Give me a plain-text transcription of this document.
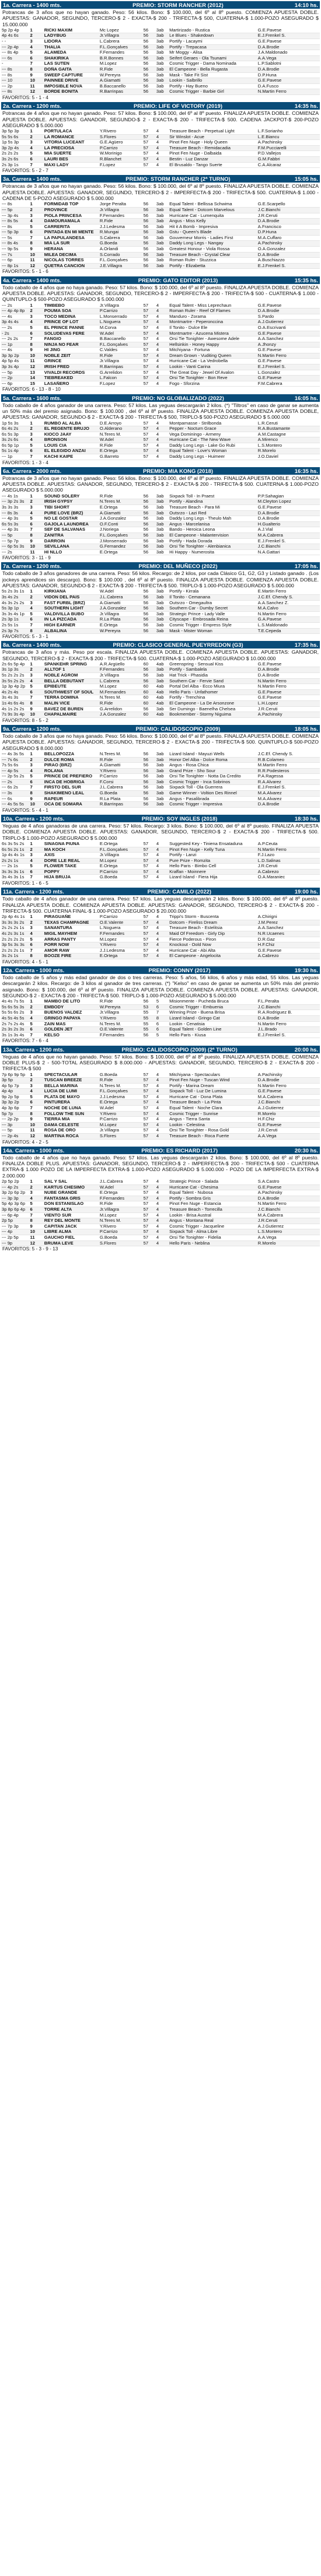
1a. Carrera - 1400 mts.	PREMIO: STORM RANCHER (2012)	14:10 hs.
Potrancas de 3 años que no hayan ganado. Peso: 56 kilos. Bono: $ 100.000, del 6º al 8º puesto. COMIENZA APUESTA DOBLE. APUESTAS: GANADOR, SEGUNDO, TERCERO-$ 2 - EXACTA-$ 200 - TRIFECTA-$ 500, CUATERNA-$ 1.000-POZO ASEGURADO $ 15.000.000
5p 2p 4p	1	RICKI MAXIM	Mc Lopez	56	3ab	Martirizado - Rustica	G.E.Pavese
4p 4s 6s	2	LADYBUG	Jr.Villagra	56	3ab	Le Blues - Shakedown	E.J.Frenkel S.
- -	3	LIDORA	L.Cabrera	56	3ab	Portify - Lacaymi	G.E.Pavese
--- 2p 4p	4	THALIA	F.L.Gonçalves	56	3ab	Portify - Trepacasa	D.A.Brodie
--- 8s 4p	5	ALAMEDA	F.Fernandes	56	3ab	Mr Moggy - Alisa	J.A.Maldonado
--- 6s	6	SHAKIRIKA	B.R.Bonnes	56	3ab	Seifert Geraes - Ola Tsunami	A.A.Vega
-	7	LAS SUTEN	M.Lopez	56	3ab	Cosmic Trigger - Dama Nominada	L.P.Sablotni
--- 8s	8	DOÑA GAITA	R.Fide	56	3ab	El Campeone - Bella Rugasta	D.A.Brodie
--- 8s	9	SWEEP CAPTURE	W.Pereyra	56	3ab	Mask - Take Fit Sist	D.P.Huna
--- 10	10	PAINNEE DRIVE	A.Giamatti	56	3ab	Lookin - Salbrillo	G.E.Pavese
--- 2p	11	IMPOSIBLE NOVA	B.Baccanello	56	3ab	Portify - Hay Bueno	D.A.Fusco
--- 8s	12	BORDE BONITA	R.Barrinpas	56	3ab	Cosmic Trigger - Barbie Girl	N.Martin Ferro
FAVORITOS: 5 - 1 - 4
2a. Carrera - 1200 mts.	PREMIO: LIFE OF VICTORY (2019)	14:35 hs.
Potrancas de 4 años que no hayan ganado. Peso: 57 kilos. Bono: $ 100.000, del 6º al 8º puesto. FINALIZA APUESTA DOBLE. COMIENZA APUESTA DOBLE. APUESTAS: GANADOR, SEGUNDO-$ 2 - EXACTA-$ 200 - TRIFECTA-$ 500. CADENA JACKPOT-$ 200-POZO ASEGURADO $ 5.000.000
3p 5p 3p	1	PORTULACA	Y.Rivero	57	4	Treasure Beach - Perpetual Light	L.F.Sorianho
5s 5s 6s	2	LA ROMANCE	S.Flores	57	4	Sir Winslot - Acue	L.E.Biancu
1p 5s 3p	3	VITORIA LUCEANT	G.E.Agüero	57	4	Pinot Fen Nuge - Holy Queen	A.Pachinsky
3p 2p 4s	4	LA PRECIOSA	P.Carrizo	57	4	Treasure Beach - Remidacadia	F.M.Pucciarelli
2s 2s 2s	5	MIA SUERTE	W.Morinigo	57	4	Pinot Fen Nuge - Dalbaida	P.D.Vallejos
3s 2s 6s	6	LAURI BES	R.Blanchet	57	4	Bestin - Luz Danzar	G.M.Fabbri
2s 3p 1s	7	MAXI LADY	F.Lopez	57	4	El Brusaldo - Tango Suerte	C.A.Alcaraz
FAVORITOS: 5 - 2 - 7
3a. Carrera - 1400 mts.	PREMIO: STORM RANCHER (2ª TURNO)	15:05 hs.
Potrancas de 3 años que no hayan ganado. Peso: 56 kilos. Bono: $ 100.000, del 6º al 8º puesto. FINALIZA APUESTA DOBLE. COMIENZA APUESTA DOBLE. APUESTAS: GANADOR, SEGUNDO, TERCERO-$ 2 - IMPERFECTA-$ 200 - TRIFECTA-$ 500. CUATERNA-$ 1.000 - CADENA DE 5-POZO ASEGURADO $ 5.000.000
--- 8s	1	FORMIDAB TOP	Jorge Peralta	56	3ab	Equal Talent - Bellissa Schwima	G.E.Scarpello
--- 5p	2	PROVINCE	Jr.Villagra	56	3ab	Equal Talent - Dotcom Marvelous	J.C.Bianchi
--- 3p 4s	3	PIOLA PRINCESA	F.Fernandes	56	3ab	Hurricane Cat - Lumenquita	J.R.Ceruti
--- 8s 5s	4	DAMOURAMALA	R.Fide	56	3ab	Angus - Miss Kelly	D.A.Brodie
--- 8s	5	CARRERITA	J.J.Ledesma	56	3ab	Hit it A Bomb - Impresiva	A.Francisco
--- 5p 3p	6	PINTADA EN MI MENTE	R.Mungai	56	3ab	Gstu - Queen's Blade	D.P.Huna
--- 5s	7	LA PAPULANDESA	S.Cabrera	56	3ab	Gouverneur Morris - Ladies First	M.A.Cuffaro
--- 8s 4s	8	MIA LA SUR	G.Boeda	56	3ab	Daddy Long Legs - Nangay	A.Pachinsky
--- 9p 5s	9	HERANA	A.Orlandi	56	3ab	Greatest Honour - Viola Rossa	O.A.Gonzalez
--- 7s	10	MILEA DECIMA	S.Corrado	56	3ab	Treasure Beach - Crystal Clear	D.A.Brodie
--- 6p	11	NICOLAS TORRES	F.L.Gonçalves	56	3ab	Roman Ruler - Stuzzica	A.Buschiazzo
--- 8p 1s	12	QUETRA CANCION	J.E.Villagra	56	3ab	Portify - Elizabetta	E.J.Frenkel S.
FAVORITOS: 5 - 1 - 6
4a. Carrera - 1400 mts.	PREMIO: GATO EDITOR (2013)	15:35 hs.
Todo caballo de 4 años que no haya ganado. Peso: 57 kilos. Bono: $ 100.000, del 6º al 8º puesto. FINALIZA APUESTA DOBLE. COMIENZA APUESTA DOBLE. APUESTAS: GANADOR, SEGUNDO, TERCERO-$ 2 - IMPERFECTA-$ 200 - TRIFECTA-$ 500 - CUATERNA-$ 1.000 - QUINTUPLO-$ 500-POZO ASEGURADO $ 5.000.000
--- 2s	1	TIMBEBO	Jr.Villagra	57	4	Equal Talent - Miss Leprechaun	G.E.Pavese
--- 4p 4p 8p	2	POUMA SOA	P.Carrizo	57	4	Roman Ruler - Reef Of Flames	D.A.Brodie
--- 4s	3	TOCO MEDINA	L.Monserrado	57	4	Manduro - Zorama	S.Pardo
3p 4s 4s	4	PRINCE OF LOT	L.Noguera	57	4	Montmartre - Peperonccina	A.J.Gutierrez
--- 2s	5	EL PRINCE PANNE	M.Corva	57	4	Il Tonito - Dulce Ele	O.A.Escrivanti
- 2s	6	SOLUDEVAS FERE	W.Adel	57	4	Montmartre - Azucena Mistera	G.E.Pavese
--- 2s 2s	7	FANGIO	B.Baccanello	57	4	Orsi Tie Tonighter - Awesome Adele	A.A.Sanchez
--- 1p	8	NINJA NO FEAR	F.L.Gonçalves	57	4	Hellsinkin - Honey Happy	A.Jhonzy
--- 4s	9	HI JING	C.Valdes	57	4	Mitchiyana - Fortuna	G.E.Pavese
3p 3p 2p	10	NOBLE ZEIT	R.Fide	57	4	Dream Grown - Vuditing Queen	N.Martin Ferro
4p 5p 4s	11	GRINCE	Jr.Villagra	57	4	Hurricane Cat - La Vedrobella	G.E.Pavese
3p 3s 4p	12	IRISH FRED	R.Barrinpas	57	4	Lookin - Vanti Carina	E.J.Frenkel S.
--- 5p	13	VIVALDI RECORDS	G.Arrelidon	57	4	The Great Day - Jewel Of Avalon	L.Gonzalez
--- 2p	14	TIEBREAKED	L.Falcon	57	4	Orsi Tie Tonighter - Bon Reve	G.E.Pavese
--- 6p	15	LASAÑERO	F.Lopez	57	4	Fogo - Sforzina	F.M.Cabrera
FAVORITOS: 6 - 13 - 8 - 10
5a. Carrera - 1600 mts.	PREMIO: NO GLOBALIZADO (2022)	16:05 hs.
Todo caballo de 4 años ganador de una carrera. Peso: 57 kilos. Las yeguas descargarán 2 kilos. (*) "Tiltros" en caso de ganar se aumenta un 50% más del premio asignado. Bono: $ 100.000 , del 6º al 8º puesto. FINALIZA APUESTA DOBLE. COMIENZA APUESTA DOBLE, APUESTAS: GANADOR, SEGUNDO-$ 2 - EXACTA-$ 200 - TRIFECTA-$ 500, TRIPLO-$ 500-POZO ASEGURADO $ 5.000.000
1p 5s 3s	1	RUMBO AL ALBA	D.E.Arroyo	57	4	Montparnasse - Strilbonda	L.R.Ceruti
6s 4s 2s	2	EL REGENTE BRUJO	O.Alderano	57	4	Pepper - Nocturn Grace	R.A.Bustamante
6s 5s 3p	3	KIOCO JAAY	N.Teres M.	57	4	Vega Dominingo - Armeny	A.M.Castagne
3s 2s 6s	4	BRONSON	W.Adel	57	4	Hurricane Cat - The New Wave	A.Mirenco
6s 5p 1p	5	LOUIS CIA	R.Fide	57	4	Daddy Long Legs - Lake Go Rubi	L.S.Montero
5s 1s 4p	6	EL ELEGIDO ANZAI	E.Ortega	57	4	Equal Talent - Love's Woman	R.Morelo
--- 1p	7	KACHI KAIPE	G.Barreto	57	4	Daddy Long Legs - Huimeer	J.O.Daviel
FAVORITOS: 1 - 3 - 4
6a. Carrera - 2000 mts.	PREMIO: MIA KONG (2018)	16:35 hs.
Potrancas de 3 años que no hayan ganado. Peso: 56 kilos. Bono: $ 100.000, del 6º al 8º puesto. FINALIZA APUESTA DOBLE. COMIENZA APUESTA DOBLE. APUESTAS: GANADOR, SEGUNDO, TERCERO-$ 2 - EXACTA-$ 200 - TRIFECTA-$ 500. CUATERNA-$ 1.000-POZO ASEGURADO $ 5.000.000
--- 4s 1s	1	SOUND SOLERY	R.Fide	56	3ab	Sixpack Toll - In Praest	P.P.Sahagian
--- 3p 2s 3s	2	IRISH GYPSY	N.Teres M.	56	3ab	Portify - Alandina	M.Cleyton Lopez
3s 3s 3s	3	TIBI SHORT	E.Ortega	56	3ab	Treasure Beach - Para Mi	G.E.Pavese
--- 8s 3s	4	PURE LOVE (BRZ)	A.Giamatti	56	3ab	Outsrzo - Lazi Red	D.A.Brodie
--- 4p 3s	5	NO LE GOSTAR	J.A.Gonzalez	56	3ab	Daddy Long Legs - Theulo Mah	D.A.Brodie
6s 5s 3s	6	GAJOLA LAUNDREA	O.F.Conti	56	3ab	Angus - Marcelanisa	H.Gualterio
--- 4p 3s	7	SEF DE SALVANAS	J.Noriega	56	3ab	Bando - Heroica Leona	A.J.Vial
--- 5p	8	ZANITRA	F.L.Gonçalves	56	3ab	El Campeone - Malantervision	M.A.Cabrera
--- 5p 7p	9	DARROIN	J.Monserrado	56	3ab	Portify - Hada Dorada	E.J.Frenkel S.
--- 6p 5s 3s	10	SEVILLANA	G.Fernandez	56	3ab	Orsi Tie Tonighter - Alenbianica	J.C.Bianchi
--- 2s	11	HI NLLO	E.Ortega	56	3ab	Hi Happy - Numerosita	N.A.Gattari
FAVORITOS: 3 - 11 - 9
7a. Carrera - 1200 mts.	PREMIO: DEL MUÑECO (2022)	17:05 hs.
Todo caballo de 3 años ganadores de una carrera. Peso: 56 kilos. Recargo: de 2 kilos, por cada Clásico G1, G2, G3 y Listado ganado . (Los jockeys aprendices sin descargo). Bono: $ 100.000 , del 6º al 8º puesto. FINALIZA APUESTA DOBLE. COMIENZA APUESTA DOBLE. APUESTAS: GANADOR, SEGUNDO-$ 2 - EXACTA-$ 200 - TRIFECTA-$ 500. TRIPLO-$ 1.000-POZO ASEGURADO $ 5.000.000
5s 2s 3s 1s	1	KIRKIANA	W.Adel	56	3ab	Portify - Kirrala	E.Martin Ferro
3s 4s 2s	2	VIDON DEL PAIS	J.L.Cabrera	56	3ab	Il Tonito - Cemanana	J.C.Ef. Chendy S.
4s 3s 2s 2s	3	FAST FURBL (BRZ)	A.Giamatti	56	3ab	Outsrzo - Omegaultra	A.A.Sanchez Z.
5s 3p 1p	4	SOUTHERN LIGHT	J.A.Gonzalez	56	3ab	Southern Car - Dumby Secret	M.A.Calvo
3s 3s 4s 1p	5	VALDIVILLA BUBO	Jr.Villagra	56	3ab	Strategic Prince - Lady Valle	N.Martin Ferro
2s 3p 1s	6	IN LA PIZCADA	R.La Plata	56	3ab	Cityscape - Embrosada Reina	G.A.Pavese
2s 5s 1s	7	HIGH EARNER	E.Ortega	56	3ab	Cosmic Trigger - Empress Style	L.S.Maldonado
2s 3p 7s	8	ALBALINA	W.Pereyra	56	3ab	Mask - Mister Woman	T.E.Cepeda
FAVORITOS: 5 - 3 - 1
8a. Carrera - 1400 mts.	PREMIO: CLASICO GENERAL PUEYRREDON (G3)	17:35 hs.
Potrancas de 3 años y más. Peso por escala. FINALIZA APUESTA DOBLE. COMIENZA APUESTA DOBLE. APUESTAS: GANADOR, SEGUNDO, TERCERO-$ 2 - EXACTA-$ 200 - TRIFECTA-$ 500. CUATERNA-$ 1.000-POZO ASEGURADO $ 10.000.000
2s 6s 5p 4p	1	SPANKEHR SPRING	A.R.Argüello	60	4ab	Greenspring - Sensual Kiss	G.E.Pavese
3s 1p 3s	2	ALLTOF 1	F.Fernandes	56	3ab	Portify - Sambalela	D.A.Brodie
5s 2s 2s 2s	3	NOBLE AGROM	Jr.Villagra	56	3ab	Hat Trick - Phasidia	D.A.Brodie
3s 5s 2s 2s	4	BELLA DEBUTANT	L.Cabrera	56	3ab	Southern Car - Fervie Sand	N.Martin Ferro
1p 3p 4p 2p	5	EPIBEUTE	M.Lopez	60	4ab	Portal Del Alba - Ecco Miura	N.Martin Ferro
4s 2s 4s	6	SOUTHWEST OF SOUL	M.Fernandes	60	4ab	Hello Paris - Unfathomer	G.E.Pavese
3s 4s 3s	7	TERRA DOMINA	N.Teres M.	60	4ab	Fortify - Trenchina	G.E.Pavese
1s 4s 6s 4s	8	MALIN VICE	R.Fide	60	4ab	El Campeone - La De Arsonzone	L.H.Lopez
4s 1s 2s 2s	9	BAVEZ DE BUREN	G.Arrelidon	56	3ab	Ser Dumingo - Baenelha Chelsea	J.R.Ceruti
7s 9s 3s 4p	10	CHAPALMAIRE	J.A.Gonzalez	60	4ab	Bookmember - Stormy Niguima	A.Pachinsky
FAVORITOS: 8 - 5 - 2
9a. Carrera - 1200 mts.	PREMIO: CALIDOSCOPIO (2009)	18:05 hs.
Todo caballo de 3 años que no haya ganado. Peso: 56 kilos. Bono: $ 100.000, del 6º al 8º puesto. FINALIZA APUESTA DOBLE. COMIENZA APUESTA DOBLE. APUESTAS: GANADOR, SEGUNDO, TERCERO-$ 2 - EXACTA-$ 200 - TRIFECTA-$ 500. QUINTUPLO-$ 500-POZO ASEGURADO $ 8.000.000
--- 4s 3s 5s	1	BELLOPOZZA	N.Teres M.	56	3ab	Lizard Island - Mayuzi Wells	J.C.Ef. Chendy S.
--- 7s 6s	2	DULCE ROMA	R.Fide	56	3ab	Honor Del Alba - Dolce Roma	R.B.Colameo
7s 5s 6s	3	PIRAO (BRZ)	A.Giamatti	56	3ab	Angus - Rosa Chica	M.Martin Ferro
--- 4p 5s	4	ROLANA	Y.Rivero	56	3ab	Grand Prize - Sho Sour	R.R.Podesteros
--- 2p 5s 2s	5	PRINCE DE PREFIERO	P.Carrizo	56	3ab	Orsi Tie Tonighter - Notta Da Credito	P.A.Ragessa
--- 2s	6	INCA DE HOBRIGA	F.Corsi	56	3ab	Cosmic Trigger - Inca Sobrinos	R.A.Alvarez
--- 6s 2s	7	FIRSTO DEL SUR	J.L.Cabrera	56	3ab	Sixpack Toll - Ola Guerrera	E.J.Frenkel S.
--- 3s	8	SHAKIMENO LEAL	G.Boeda	56	3ab	Game Winner - Voltion Des Rinnel	M.A.Alvarez
--- 6s	9	RAPEUR	R.La Plata	56	3ab	Angus - Pasalibrada	M.A.Alvarez
--- 4s 5s 5s	10	OCA DE SOMARA	R.Barrinpas	56	3ab	Cosmic Trigger - Impresiva	D.A.Brodie
FAVORITOS: 5 - 4 - 1
10a. Carrera - 1200 mts.	PREMIO: SOY INGLES (2018)	18:30 hs.
Yeguas de 4 años ganadoras de una carrera. Peso: 57 kilos. Recargo: 3 kilos. Bono: $ 100.000, del 6º al 8º puesto. FINALIZA APUESTA DOBLE. COMIENZA APUESTA DOBLE. APUESTAS: GANADOR, SEGUNDO, TERCERO-$ 2 - EXACTA-$ 200 - TRIFECTA-$ 500. TRIPLO-$ 1.000-POZO ASEGURADO $ 5.000.000
6s 3s 5s 2s	1	SINAGNA PIUNA	E.Ortega	57	4	Suggested Key - Tiniena Ensataduna	A.P.Ceuta
6s 5s 2s 1s	2	MA KOCH	F.L.Gonçalves	57	4	Pinot Fen Nuge - Kelly Tuna	N.Martin Ferro
1p 4s 4s 1s	3	AXIS	Jr.Villagra	57	4	Portify - Lanzi	F.J.Lazo
2s 2s 1s	4	DORE LLE REAL	M.Lopez	57	4	Pure Prize - Romzita	L.D.Salinas
--- 2s 1s	5	FLOWER TAKE	E.Ortega	57	4	Hello Paris - Bimbo Cell	J.R.Ceruti
3s 3s 3s 1s	6	POPPY	P.Carrizo	57	4	Kraffan - Moinnere	A.Cabrezo
3s 4s 3s 1s	7	HIJA BRUJA	G.Boeda	57	4	Lizard Island - Fiera Hija	O.A.Maraniec
FAVORITOS: 1 - 6 - 5
11a. Carrera - 1200 mts.	PREMIO: CAMILO (2022)	19:00 hs.
Todo caballo de 4 años ganador de una carrera. Peso: 57 kilos. Las yeguas descargarán 2 kilos. Bono: $ 100.000, del 6º al 8º puesto. FINALIZA APUESTA DOBLE. COMIENZA APUESTA DOBLE. APUESTAS: GANADOR, SEGUNDO, TERCERO-$ 2 - EXACTA-$ 200 - TRIFECTA-$ 500. CUATERNA FINAL-$ 1.000-POZO ASEGURADO $ 20.000.000
2p 4p 4s 1s	1	PIRAGUAÑE	P.Carrizo	57	4	Trippi's Storm - Buscenta	A.Chirigni
3s 3s 3s 2s	2	TEXAS CHAMPAGNE	O.E.Valente	57	4	Dotcom - Fireliss Dream	J.M.Perez
2s 2s 2s 1s	3	SANANTURA	L.Noguera	57	4	Treasure Beach - Estelitsia	A.A.Sanchez
4s 2s 3s 1s	4	MIGIL MAYHEM	F.Fernandes	57	4	Maid Of Freedom - Girly Dip	N.R.Ucaenes
2s 2s 2s 2s	5	ARRAS PANTY	M.Lopez	57	4	Fierce Poderous - Piron	D.R.Gaz
3p 5s 3s 3s	6	PORR NOW	Y.Rivero	57	4	Knockout - Oold Now	H.F.Chiz
2s 2s 2s 1s	7	AMOR RAW	J.J.Ledesma	57	4	Hurricane Cat - Abi Alta	G.E.Pavese
3s 2s 1s	8	BOOZE FIRE	E.Ortega	57	4	El Campeone - Angelocita	A.Cabrezo
FAVORITOS: 4 - 5 - 1
12a. Carrera - 1000 mts.	PREMIO: CONNY (2017)	19:30 hs.
Todo caballo de 5 años y más edad ganador de dos o tres carreras. Peso: 5 años, 56 kilos, 6 años y más edad, 55 kilos. Las yeguas descargarán 2 kilos. Recargo: de 3 kilos al ganador de tres carreras. (*) "Kelso" en caso de ganar se aumenta un 50% más del premio asignado. Bono: $ 100.000, del 6º al 8º puesto. FINALIZA APUESTA DOBLE. COMIENZA APUESTA DOBLE. APUESTAS: GANADOR, SEGUNDO-$ 2 - EXACTA-$ 200 - TRIFECTA-$ 500. TRIPLO-$ 1.000-POZO ASEGURADO $ 5.000.000
4s 4s 7s 5s	1	MAMBO DE LITO	R.Fide	56	5	Misionmente - Pucheda Bruca	F.L.Peralta
5s 6s 5s 3s	2	EMBODY	W.Pereyra	53	6	Cosmic Trigger - Embuenia	J.C.Bianchi
5s 5s 6s 2s	3	BUENOS VALDEZ	Jr.Villagra	55	7	Winning Prize - Buena Brisa	R.A.Rodriguez B.
4s 5s 4s 5s	4	GRINGO PAPAYA	Y.Rivero	55	8	Lizard Island - Gringo Cat	D.A.Brodie
2s 7s 2s 4s	5	ZAIN MAS	N.Teres M.	55	6	Lookin - Cenatisia	N.Martin Ferro
2s 3s 2s 3s	6	GOLDEN JET	O.E.Valente	55	6	Equal Talent - Golden Line	J.L.Brado
3s 1s 3s 4s	7	KELSO	F.Fernandes	56	5	Hello Paris - Kiusa	E.J.Frenkel S.
FAVORITOS: 7 - 6 - 4
13a. Carrera - 1200 mts.	PREMIO: CALIDOSCOPIO (2009) (2ª TURNO)	20:00 hs.
Yeguas de 4 años que no hayan ganado. Peso: 57 kilos. Bono: $ 100.000, del 6º al 8º puesto. FINALIZA APUESTA DOBLE. COMIENZA DOBLE PLUS-$ 2 - 500-TOTAL ASEGURADO $ 8.000.000 - APUESTAS: GANADOR, SEGUNDO, TERCERO-$ 2 - EXACTA-$ 200 - TRIFECTA-$ 500
7p 6p 9p 5p	1	SPECTACULAR	G.Boeda	57	4	Mitchiyana - Spectaculars	A.Pachinsky
3p 5p	2	TUSCAN BREEZE	R.Fide	57	4	Pinot Fen Nuge - Tuscan Wind	D.A.Brodie
4p 5p 7p	3	BELLA MARINA	N.Teres M.	57	4	Portify - Marina Dream	N.Martin Ferro
4p 4p	4	LUCIA DE LUMI	F.L.Gonçalves	57	4	Sixpack Toll - Luz De Lumina	G.E.Pavese
9p 2p 5p	5	PLATA DE MAYO	J.J.Ledesma	57	4	Hurricane Cat - Dona Plata	M.A.Cabrera
3p 3p 2p	6	PINTURERA	E.Ortega	57	4	Treasure Beach - La Pinta	J.C.Bianchi
4p 3p 6p	7	NOCHE DE LUNA	W.Adel	57	4	Equal Talent - Noche Clara	A.J.Gutierrez
5p 7p	8	FOLLOW THE SUN	Y.Rivero	57	4	Cosmic Trigger - Sunrise	R.Morelo
--- 2p 2p	9	TIERRA MIA	P.Carrizo	57	4	Angus - Tierra Santa	H.F.Chiz
--- 3p	10	DAMA CELESTE	M.Lopez	57	4	Lookin - Celestina	G.E.Pavese
--- 5p	11	ROSA DE ORO	Jr.Villagra	57	4	Orsi Tie Tonighter - Rosa Gold	J.R.Ceruti
--- 2p 4s	12	MARTINA ROCA	S.Flores	57	4	Treasure Beach - Roca Fuerte	A.A.Vega
FAVORITOS: 4 - 2 - 5
14a. Carrera - 1000 mts.	PREMIO: ES RICHARD (2017)	20:30 hs.
Todo caballo de 4 años que no haya ganado. Peso: 57 kilos. Las yeguas descargarán 2 kilos. Bono: $ 100.000, del 6º al 8º puesto. FINALIZA DOBLE PLUS. APUESTAS: GANADOR, SEGUNDO, TERCERO-$ 2 - IMPERFECTA-$ 200 - TRIFECTA-$ 500 - CUATERNA EXTRA-$ 1.000 POZO DE LA IMPERFECTA EXTRA-$ 1.000-POZO ASEGURADO $ 5.000.000 - POZO DE LA IMPERFECTA EXTRA-$ 2.000.000
2p 5p 2p	1	SAL Y SAL	J.L.Cabrera	57	4	Strategic Prince - Salada	S.A.Castro
--- 4p 2s	2	KARTUS CHESIMO	W.Adel	57	4	Hurricane Cat - Chesima	G.E.Pavese
3p 2p 6p 2p	3	NUBE GRANDE	E.Ortega	57	4	Equal Talent - Nubosa	A.Pachinsky
--- 3p 3p	4	FANTASMA GRIS	F.Fernandes	57	4	Portify - Sombra Gris	D.A.Brodie
5p 4p 3p 6p	5	DON ESTANISLAO	R.Fide	57	4	Pinot Fen Nuge - Estancia	N.Martin Ferro
3p 8p 6p 4p	6	TORRE ALTA	Jr.Villagra	57	4	Treasure Beach - Torrecilla	J.C.Bianchi
--- 6p 4p	7	VIENTO SUR	M.Lopez	57	4	Lookin - Brisa Austral	M.A.Cabrera
2p 5p	8	REY DEL MONTE	N.Teres M.	57	4	Angus - Montana Real	J.R.Ceruti
--- 7p 3p	9	CAPITAN JACK	Y.Rivero	57	4	Cosmic Trigger - Jacqueline	A.J.Gutierrez
--- 4p	10	LIBRE ALMA	P.Carrizo	57	4	Sixpack Toll - Alma Libre	L.S.Montero
--- 2p 5p	11	GAUCHO FIEL	G.Boeda	57	4	Orsi Tie Tonighter - Fidelia	A.A.Vega
--- 9p	12	BRUMA LEVE	S.Flores	57	4	Hello Paris - Neblina	R.Morelo
FAVORITOS: 5 - 3 - 9 - 13
